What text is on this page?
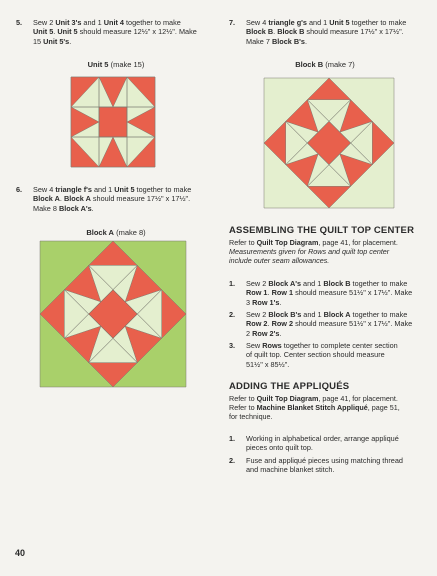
5. Sew 2 Unit 3's and 1 Unit 4 together to make
Unit 5. Unit 5 should measure 12½" x 12½". Make
15 Unit 5's.
Unit 5 (make 15)
6. Sew 4 triangle f's and 1 Unit 5 together to make
Block A. Block A should measure 17½" x 17½".
Make 8 Block A's.
Block A (make 8)
7. Sew 4 triangle g's and 1 Unit 5 together to make
Block B. Block B should measure 17½" x 17½".
Make 7 Block B's.
Block B (make 7)
ASSEMBLING THE QUILT TOP CENTER
Refer to Quilt Top Diagram, page 41, for placement.
Measurements given for Rows and quilt top center
include outer seam allowances.
1. Sew 2 Block A's and 1 Block B together to make
Row 1. Row 1 should measure 51½" x 17½". Make
3 Row 1's.
2. Sew 2 Block B's and 1 Block A together to make
Row 2. Row 2 should measure 51½" x 17½". Make
2 Row 2's.
3. Sew Rows together to complete center section
of quilt top. Center section should measure
51½" x 85½".
ADDING THE APPLIQUÉS
Refer to Quilt Top Diagram, page 41, for placement.
Refer to Machine Blanket Stitch Appliqué, page 51,
for technique.
1. Working in alphabetical order, arrange appliqué
pieces onto quilt top.
2. Fuse and appliqué pieces using matching thread
and machine blanket stitch.
40
